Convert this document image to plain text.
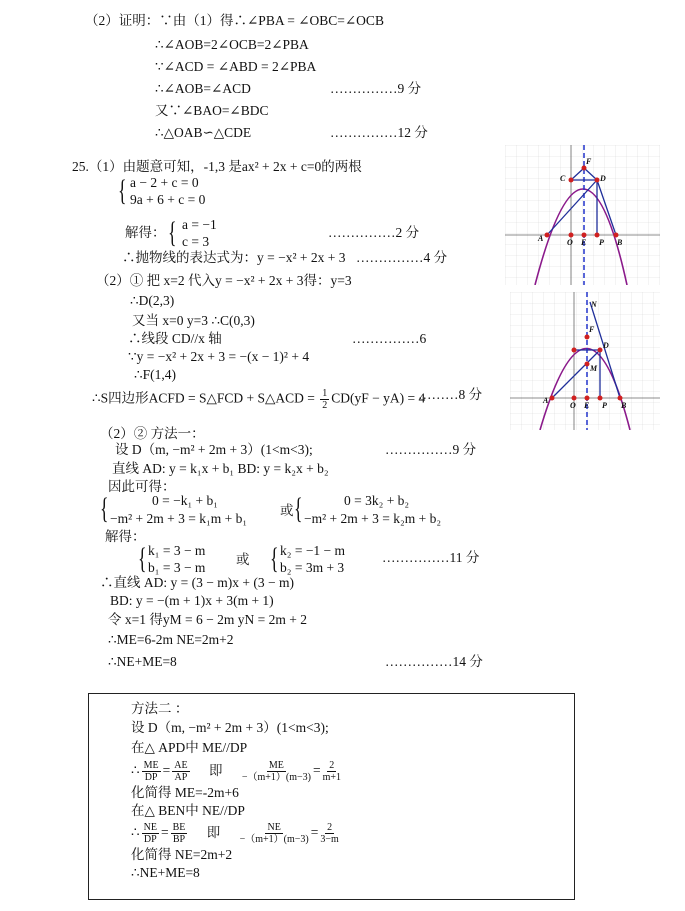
（2）证明：∵由（1）得∴∠PBA = ∠OBC=∠OCB
∴∠AOB=2∠OCB=2∠PBA
∵∠ACD = ∠ABD = 2∠PBA
∴∠AOB=∠ACD	……………9 分
又∵∠BAO=∠BDC
∴△OAB∽△CDE	……………12 分
25.（1）由题意可知，-1,3 是ax² + 2x + c=0的两根
{ a − 2 + c = 0
9a + 6 + c = 0
解得： { a = −1
c = 3
……………2 分
∴抛物线的表达式为：y = −x² + 2x + 3 ……………4 分
（2）① 把 x=2 代入y = −x² + 2x + 3得：y=3
∴D(2,3)
又当 x=0 y=3 ∴C(0,3)
∴线段 CD//x 轴	……………6
∵y = −x² + 2x + 3 = −(x − 1)² + 4
∴F(1,4)
∴S四边形ACFD = S△FCD + S△ACD = $\frac{1}{2} CD(yF - yA) = 4$
………8 分
（2）② 方法一：
设 D（m, −m² + 2m + 3）(1<m<3);	……………9 分
直线 AD: y = k₁x + b₁ BD: y = k₂x + b₂
因此可得：
{	0 = −k₁ + b₁
−m² + 2m + 3 = k₁m + b₁
或 {	0 = 3k₂ + b₂
−m² + 2m + 3 = k₂m + b₂
解得：
{ k₁ = 3 − m
b₁ = 3 − m
或 { k₂ = −1 − m
b₂ = 3m + 3
……………11 分
∴直线 AD: y = (3 − m)x + (3 − m)
BD: y = −(m + 1)x + 3(m + 1)
令 x=1 得yM = 6 − 2m yN = 2m + 2
∴ME=6-2m NE=2m+2
∴NE+ME=8	……………14 分
方法二 ：
设 D（m, −m² + 2m + 3）(1<m<3);
在△ APD中 ME//DP
∴ $\frac{ME}{DP} = \frac{AE}{AP}$ 即 $\frac{ME}{-(m+1)(m-3)} = \frac{2}{m+1}$
化简得 ME=-2m+6
在△ BEN中 NE//DP
∴ $\frac{NE}{DP} = \frac{BE}{BP}$ 即 $\frac{NE}{-(m+1)(m-3)} = \frac{2}{3-m}$
化简得 NE=2m+2
∴NE+ME=8
F
C	D
A	O E P B
N
F
D
M
A
O E P B
